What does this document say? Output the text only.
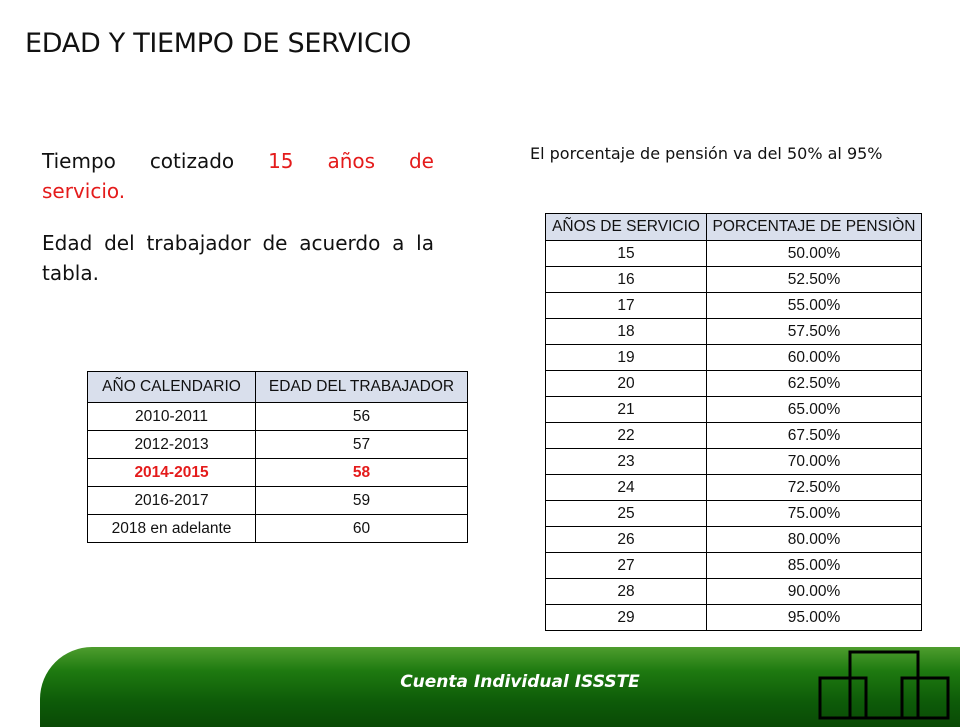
EDAD Y TIEMPO DE SERVICIO

Tiempo cotizado 15 años de
servicio.

Edad del trabajador de acuerdo a la tabla.

El porcentaje de pensión va del 50% al 95%
AÑO CALENDARIO	EDAD DEL TRABAJADOR
2010-2011	56
2012-2013	57
2014-2015	58
2016-2017	59
2018 en adelante	60
AÑOS DE SERVICIO	PORCENTAJE DE PENSIÒN
15	50.00%
16	52.50%
17	55.00%
18	57.50%
19	60.00%
20	62.50%
21	65.00%
22	67.50%
23	70.00%
24	72.50%
25	75.00%
26	80.00%
27	85.00%
28	90.00%
29	95.00%
Cuenta Individual ISSSTE
